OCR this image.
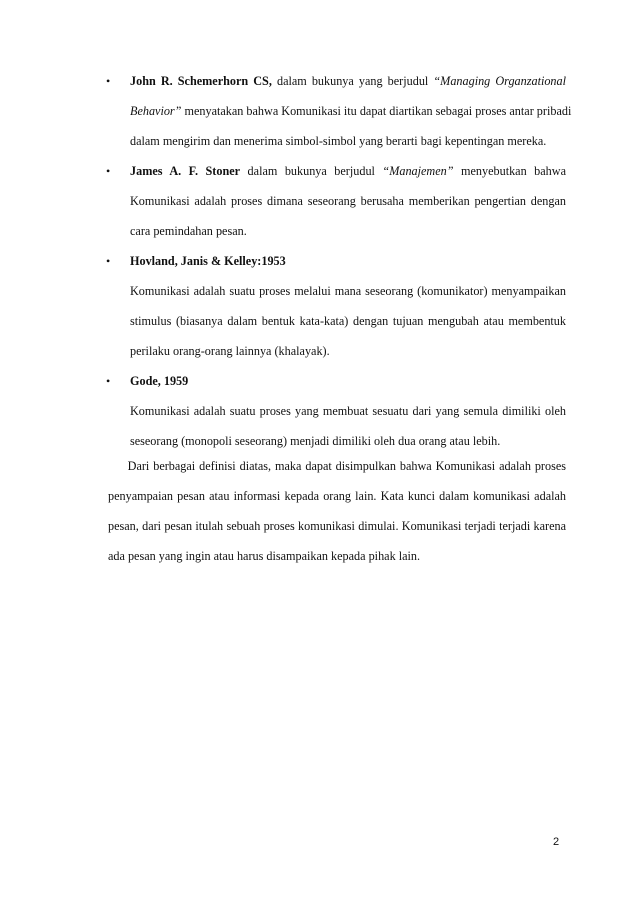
• John R. Schemerhorn CS, dalam bukunya yang berjudul “Managing Organzational
Behavior” menyatakan bahwa Komunikasi itu dapat diartikan sebagai proses antar pribadi
dalam mengirim dan menerima simbol-simbol yang berarti bagi kepentingan mereka.
• James A. F. Stoner dalam bukunya berjudul “Manajemen” menyebutkan bahwa
Komunikasi adalah proses dimana seseorang berusaha memberikan pengertian dengan
cara pemindahan pesan.
• Hovland, Janis & Kelley:1953
Komunikasi adalah suatu proses melalui mana seseorang (komunikator) menyampaikan
stimulus (biasanya dalam bentuk kata-kata) dengan tujuan mengubah atau membentuk
perilaku orang-orang lainnya (khalayak).
• Gode, 1959
Komunikasi adalah suatu proses yang membuat sesuatu dari yang semula dimiliki oleh
seseorang (monopoli seseorang) menjadi dimiliki oleh dua orang atau lebih.
Dari berbagai definisi diatas, maka dapat disimpulkan bahwa Komunikasi adalah proses
penyampaian pesan atau informasi kepada orang lain. Kata kunci dalam komunikasi adalah
pesan, dari pesan itulah sebuah proses komunikasi dimulai. Komunikasi terjadi terjadi karena
ada pesan yang ingin atau harus disampaikan kepada pihak lain.
2
